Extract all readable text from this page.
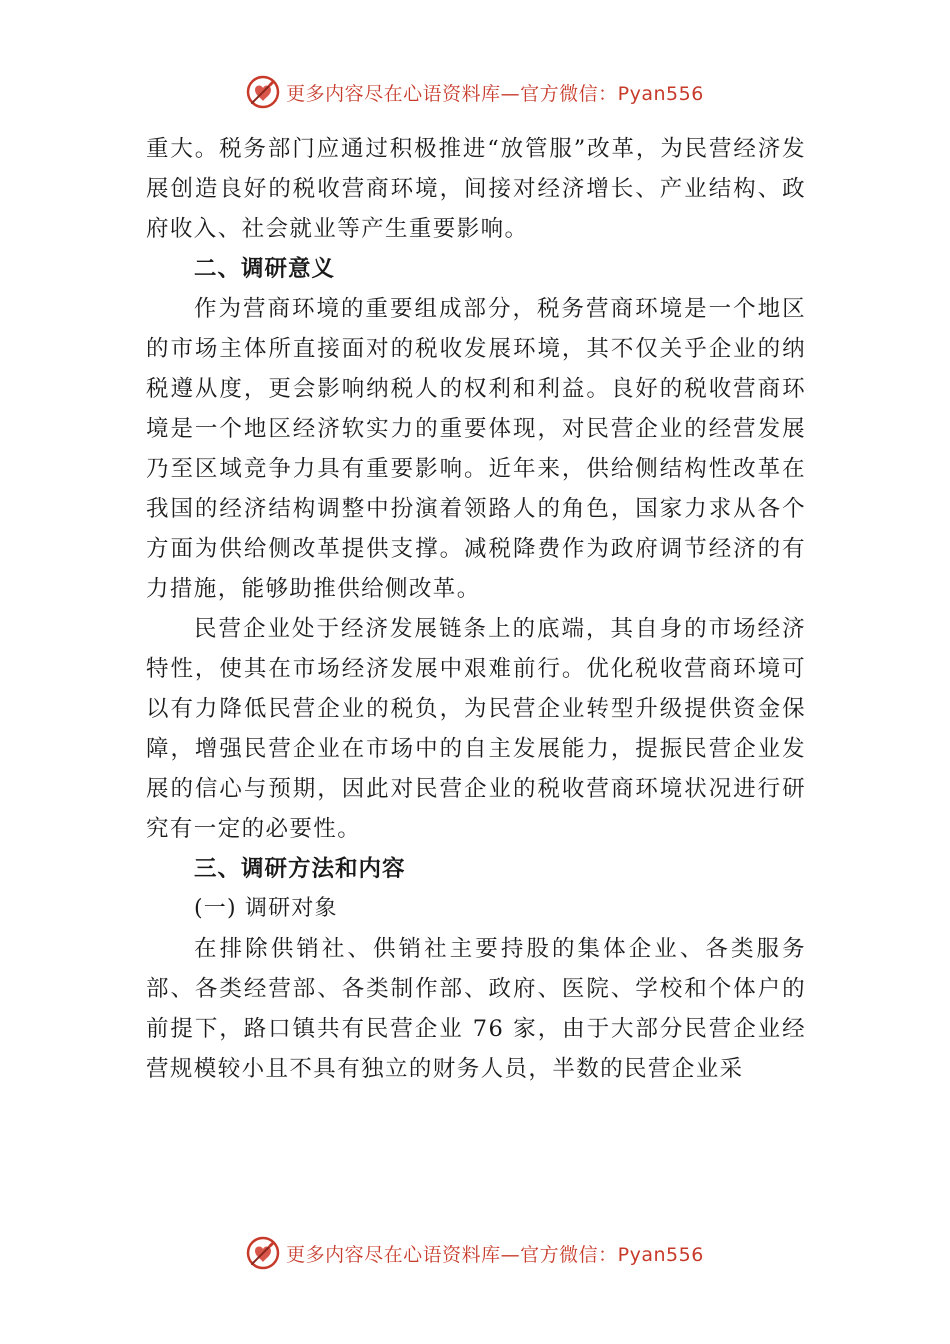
更多内容尽在心语资料库—官方微信：Pyan556

重大。税务部门应通过积极推进“放管服”改革，为民营经济发展创造良好的税收营商环境，间接对经济增长、产业结构、政府收入、社会就业等产生重要影响。

二、调研意义

作为营商环境的重要组成部分，税务营商环境是一个地区的市场主体所直接面对的税收发展环境，其不仅关乎企业的纳税遵从度，更会影响纳税人的权利和利益。良好的税收营商环境是一个地区经济软实力的重要体现，对民营企业的经营发展乃至区域竞争力具有重要影响。近年来，供给侧结构性改革在我国的经济结构调整中扮演着领路人的角色，国家力求从各个方面为供给侧改革提供支撑。减税降费作为政府调节经济的有力措施，能够助推供给侧改革。

民营企业处于经济发展链条上的底端，其自身的市场经济特性，使其在市场经济发展中艰难前行。优化税收营商环境可以有力降低民营企业的税负，为民营企业转型升级提供资金保障，增强民营企业在市场中的自主发展能力，提振民营企业发展的信心与预期，因此对民营企业的税收营商环境状况进行研究有一定的必要性。

三、调研方法和内容

(一) 调研对象

在排除供销社、供销社主要持股的集体企业、各类服务部、各类经营部、各类制作部、政府、医院、学校和个体户的前提下，路口镇共有民营企业 76 家，由于大部分民营企业经营规模较小且不具有独立的财务人员，半数的民营企业采

更多内容尽在心语资料库—官方微信：Pyan556
